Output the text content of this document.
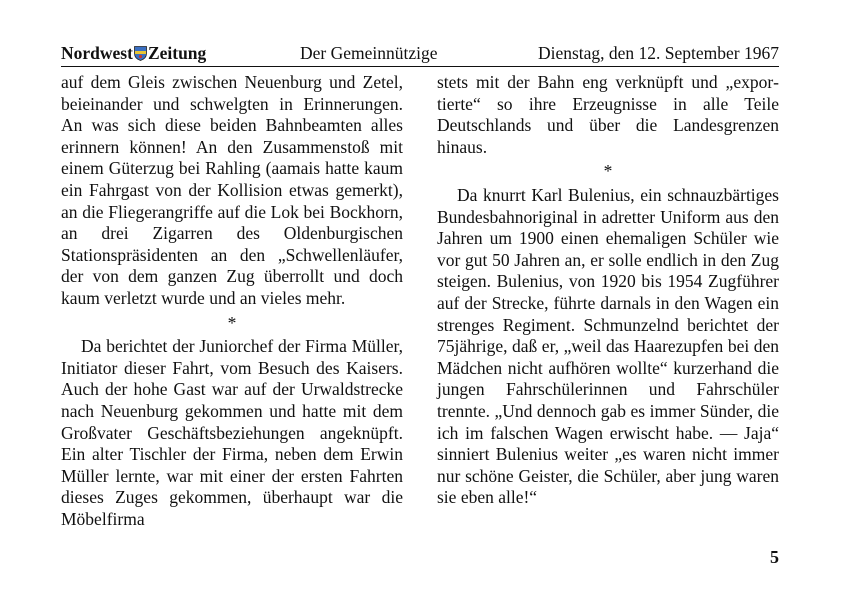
Nordwest Zeitung	Der Gemeinnützige	Dienstag, den 12. September 1967

auf dem Gleis zwischen Neuenburg und Zetel, beieinander und schwelgten in Erinnerungen. An was sich diese beiden Bahnbeamten alles erinnern können! An den Zusammenstoß mit einem Güterzug bei Rahling (aamais hatte kaum ein Fahrgast von der Kollision etwas gemerkt), an die Fliegerangriffe auf die Lok bei Bockhorn, an drei Zigarren des Oldenburgischen Stationspräsidenten an den „Schwellenläufer, der von dem ganzen Zug überrollt und doch kaum verletzt wurde und an vieles mehr.

*

Da berichtet der Juniorchef der Firma Müller, Initiator dieser Fahrt, vom Besuch des Kaisers. Auch der hohe Gast war auf der Urwaldstrecke nach Neuenburg gekommen und hatte mit dem Großvater Geschäftsbeziehungen angeknüpft. Ein alter Tischler der Firma, neben dem Erwin Müller lernte, war mit einer der ersten Fahrten dieses Zuges gekommen, überhaupt war die Möbelfirma

stets mit der Bahn eng verknüpft und „exportierte“ so ihre Erzeugnisse in alle Teile Deutschlands und über die Landesgrenzen hinaus.

*

Da knurrt Karl Bulenius, ein schnauzbärtiges Bundesbahnoriginal in adretter Uniform aus den Jahren um 1900 einen ehemaligen Schüler wie vor gut 50 Jahren an, er solle endlich in den Zug steigen. Bulenius, von 1920 bis 1954 Zugführer auf der Strecke, führte darnals in den Wagen ein strenges Regiment. Schmunzelnd berichtet der 75jährige, daß er, „weil das Haarezupfen bei den Mädchen nicht aufhören wollte“ kurzerhand die jungen Fahrschülerinnen und Fahrschüler trennte. „Und dennoch gab es immer Sünder, die ich im falschen Wagen erwischt habe. — Jaja“ sinniert Bulenius weiter „es waren nicht immer nur schöne Geister, die Schüler, aber jung waren sie eben alle!“

5
